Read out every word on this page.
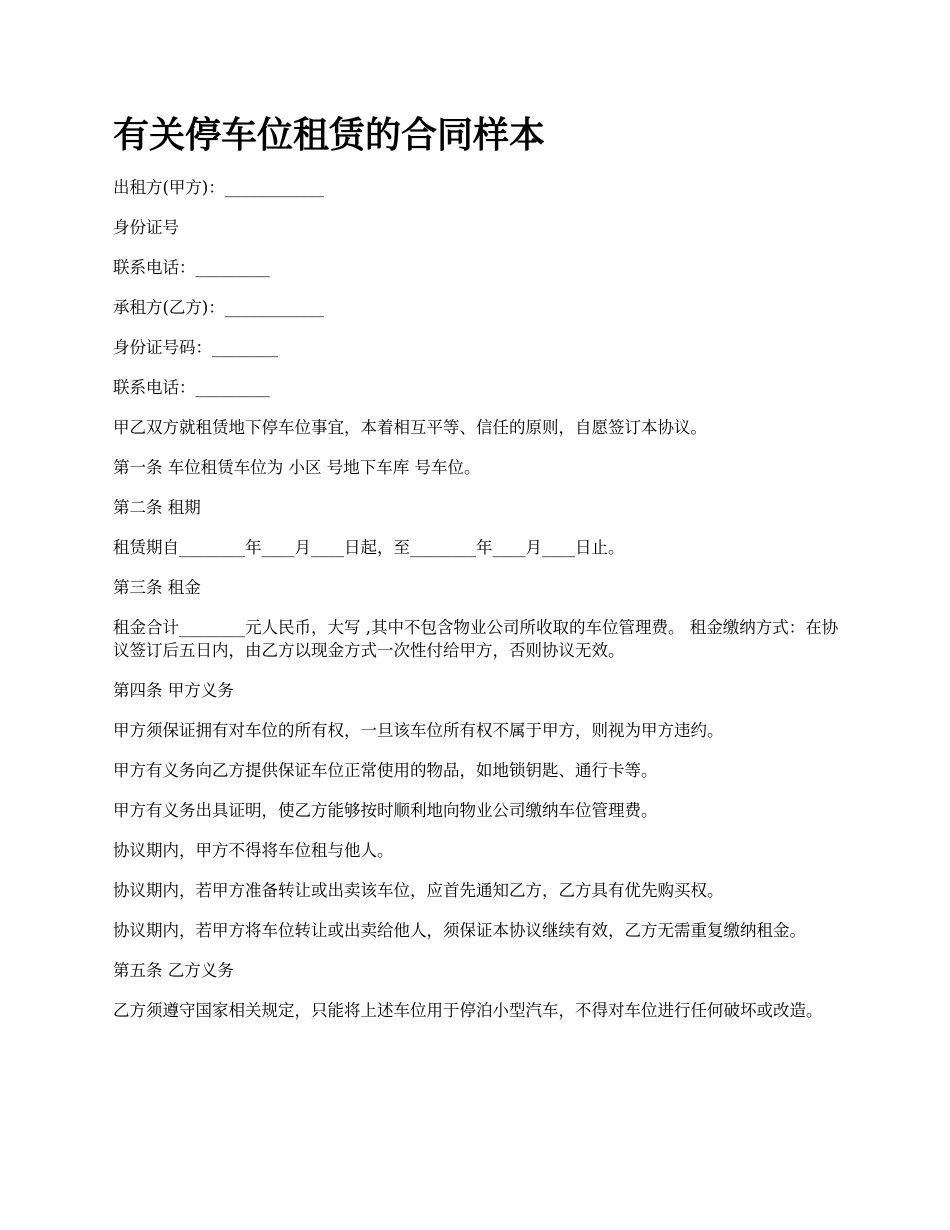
有关停车位租赁的合同样本

出租方(甲方)：____________

身份证号

联系电话：_________

承租方(乙方)：____________

身份证号码：________

联系电话：_________

甲乙双方就租赁地下停车位事宜，本着相互平等、信任的原则，自愿签订本协议。

第一条 车位租赁车位为 小区 号地下车库 号车位。

第二条 租期

租赁期自________年____月____日起，至________年____月____日止。

第三条 租金

租金合计________元人民币，大写 ,其中不包含物业公司所收取的车位管理费。 租金缴纳方式：在协议签订后五日内，由乙方以现金方式一次性付给甲方，否则协议无效。

第四条 甲方义务

甲方须保证拥有对车位的所有权，一旦该车位所有权不属于甲方，则视为甲方违约。

甲方有义务向乙方提供保证车位正常使用的物品，如地锁钥匙、通行卡等。

甲方有义务出具证明，使乙方能够按时顺利地向物业公司缴纳车位管理费。

协议期内，甲方不得将车位租与他人。

协议期内，若甲方准备转让或出卖该车位，应首先通知乙方，乙方具有优先购买权。

协议期内，若甲方将车位转让或出卖给他人，须保证本协议继续有效，乙方无需重复缴纳租金。

第五条 乙方义务

乙方须遵守国家相关规定，只能将上述车位用于停泊小型汽车，不得对车位进行任何破坏或改造。
